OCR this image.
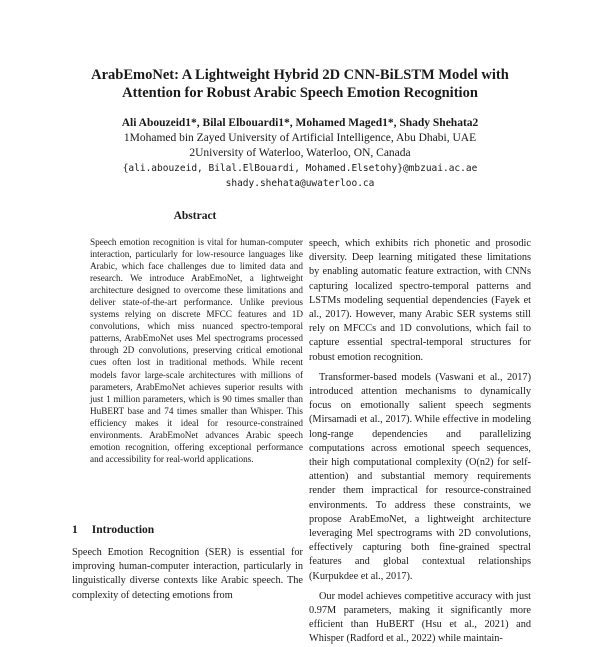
ArabEmoNet: A Lightweight Hybrid 2D CNN-BiLSTM Model with
Attention for Robust Arabic Speech Emotion Recognition
Ali Abouzeid1*, Bilal Elbouardi1*, Mohamed Maged1*, Shady Shehata2
1Mohamed bin Zayed University of Artificial Intelligence, Abu Dhabi, UAE
2University of Waterloo, Waterloo, ON, Canada
{ali.abouzeid, Bilal.ElBouardi, Mohamed.Elsetohy}@mbzuai.ac.ae
shady.shehata@uwaterloo.ca
Abstract

Speech emotion recognition is vital for human-computer interaction, particularly for low-resource languages like Arabic, which face challenges due to limited data and research. We introduce ArabEmoNet, a lightweight architecture designed to overcome these limitations and deliver state-of-the-art performance. Unlike previous systems relying on discrete MFCC features and 1D convolutions, which miss nuanced spectro-temporal patterns, ArabEmoNet uses Mel spectrograms processed through 2D convolutions, preserving critical emotional cues often lost in traditional methods. While recent models favor large-scale architectures with millions of parameters, ArabEmoNet achieves superior results with just 1 million parameters, which is 90 times smaller than HuBERT base and 74 times smaller than Whisper. This efficiency makes it ideal for resource-constrained environments. ArabEmoNet advances Arabic speech emotion recognition, offering exceptional performance and accessibility for real-world applications.

1 Introduction

Speech Emotion Recognition (SER) is essential for improving human-computer interaction, particularly in linguistically diverse contexts like Arabic speech. The complexity of detecting emotions from

speech, which exhibits rich phonetic and prosodic diversity. Deep learning mitigated these limitations by enabling automatic feature extraction, with CNNs capturing localized spectro-temporal patterns and LSTMs modeling sequential dependencies (Fayek et al., 2017). However, many Arabic SER systems still rely on MFCCs and 1D convolutions, which fail to capture essential spectral-temporal structures for robust emotion recognition.

Transformer-based models (Vaswani et al., 2017) introduced attention mechanisms to dynamically focus on emotionally salient speech segments (Mirsamadi et al., 2017). While effective in modeling long-range dependencies and parallelizing computations across emotional speech sequences, their high computational complexity (O(n2) for self-attention) and substantial memory requirements render them impractical for resource-constrained environments. To address these constraints, we propose ArabEmoNet, a lightweight architecture leveraging Mel spectrograms with 2D convolutions, effectively capturing both fine-grained spectral features and global contextual relationships (Kurpukdee et al., 2017).

Our model achieves competitive accuracy with just 0.97M parameters, making it significantly more efficient than HuBERT (Hsu et al., 2021) and Whisper (Radford et al., 2022) while maintain-
